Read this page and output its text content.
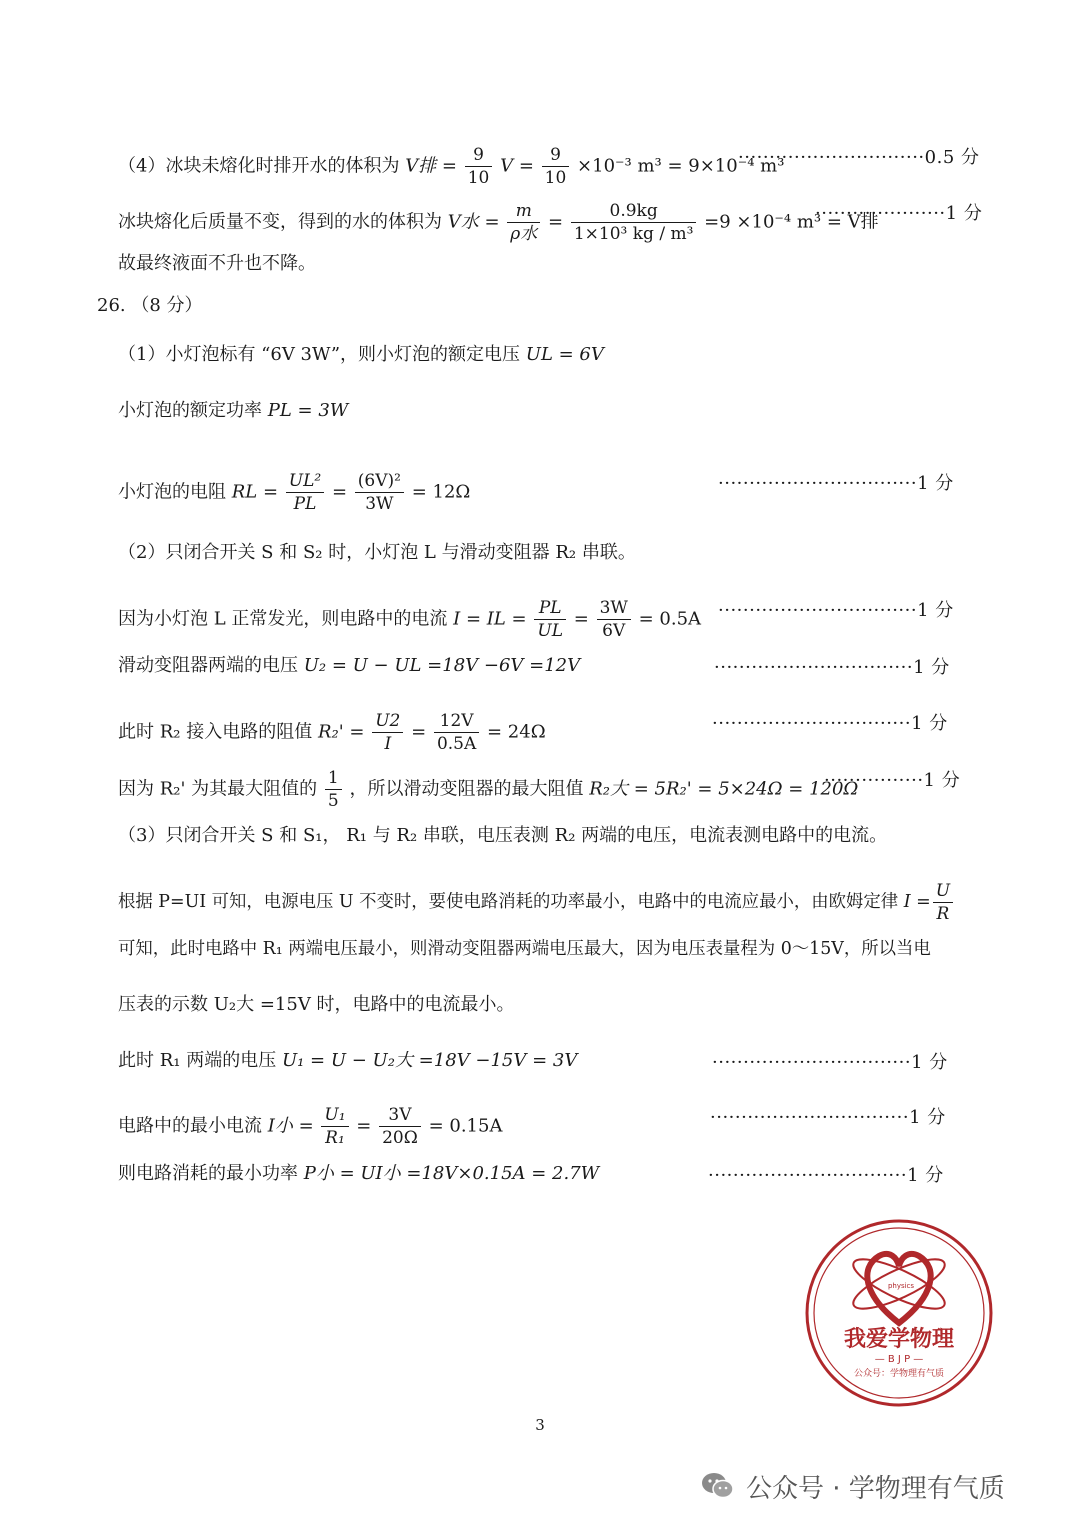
（4）冰块未熔化时排开水的体积为 V排 = $\frac{9}{10}$ $V = \frac{9}{10} \times 10^{-3}$ m³ = 9×10⁻⁴ m³
······························0.5 分
冰块熔化后质量不变，得到的水的体积为 V水 = $\frac{m}{\text{ρ水}} = \frac{0.9kg}{\text{1×10³ kg / m³}} =9 \times 10^{-4}$ m³ = V排
·····················1 分
故最终液面不升也不降。
26. （8 分）
（1）小灯泡标有 “6V 3W”，则小灯泡的额定电压 UL = 6V
小灯泡的额定功率 PL = 3W
小灯泡的电阻 RL = $\frac{\text{UL²}}{PL} = \frac{\text{(6V)²}}{3W} = 12\Omega$	································1 分
（2）只闭合开关 S 和 S₂ 时，小灯泡 L 与滑动变阻器 R₂ 串联。
因为小灯泡 L 正常发光，则电路中的电流 I = IL = $\frac{PL}{UL} = \frac{3W}{6V} = 0.5A \cdot\cdot\cdot\cdot\cdot\cdot\cdot\cdot\cdot\cdot\cdot\cdot\cdot\cdot\cdot\cdot\cdot\cdot\cdot\cdot\cdot\cdot\cdot\cdot\cdot\cdot\cdot\cdot\cdot\cdot\cdot\cdot 1$ 分
滑动变阻器两端的电压 U₂ = U − UL =18V −6V =12V	································1 分
此时 R₂ 接入电路的阻值 $R_2' = \frac{U2}{I} = \frac{12V}{0.5A} = 24\Omega$	································1 分
因为 R₂' 为其最大阻值的 $\frac{1}{5}$ ，所以滑动变阻器的最大阻值 R₂大 = 5R₂' = 5×24Ω = 120Ω
················1 分
（3）只闭合开关 S 和 S₁， R₁ 与 R₂ 串联，电压表测 R₂ 两端的电压，电流表测电路中的电流。
根据 P=UI 可知，电源电压 U 不变时，要使电路消耗的功率最小，电路中的电流应最小，由欧姆定律 $I = \frac{U}{R}$
可知，此时电路中 R₁ 两端电压最小，则滑动变阻器两端电压最大，因为电压表量程为 0～15V，所以当电
压表的示数 U₂大 =15V 时，电路中的电流最小。
此时 R₁ 两端的电压 U₁ = U − U₂大 =18V −15V = 3V	································1 分
电路中的最小电流 I小 = $\frac{\text{U₁}}{\text{R₁}} = \frac{3V}{20\Omega} = 0.15A$	································1 分
则电路消耗的最小功率 P小 = UI小 =18V×0.15A = 2.7W	································1 分
physics
我爱学物理
— B J P —
公众号：学物理有气质
3
公众号 · 学物理有气质
